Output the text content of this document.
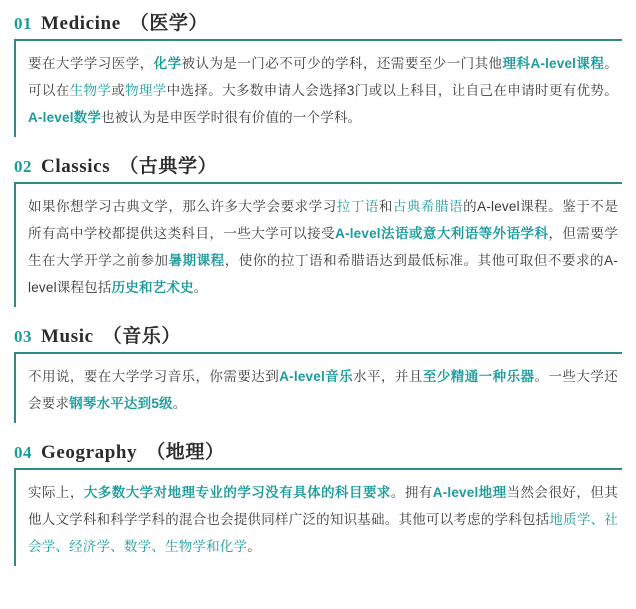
01 Medicine （医学）

要在大学学习医学，化学被认为是一门必不可少的学科，还需要至少一门其他理科A-level课程。可以在生物学或物理学中选择。大多数申请人会选择3门或以上科目，让自己在申请时更有优势。A-level数学也被认为是申医学时很有价值的一个学科。

02 Classics （古典学）

如果你想学习古典文学，那么许多大学会要求学习拉丁语和古典希腊语的A-level课程。鉴于不是所有高中学校都提供这类科目，一些大学可以接受A-level法语或意大利语等外语学科，但需要学生在大学开学之前参加暑期课程，使你的拉丁语和希腊语达到最低标准。其他可取但不要求的A-level课程包括历史和艺术史。

03 Music （音乐）

不用说，要在大学学习音乐，你需要达到A-level音乐水平，并且至少精通一种乐器。一些大学还会要求钢琴水平达到5级。

04 Geography （地理）

实际上，大多数大学对地理专业的学习没有具体的科目要求。拥有A-level地理当然会很好，但其他人文学科和科学学科的混合也会提供同样广泛的知识基础。其他可以考虑的学科包括地质学、社会学、经济学、数学、生物学和化学。
